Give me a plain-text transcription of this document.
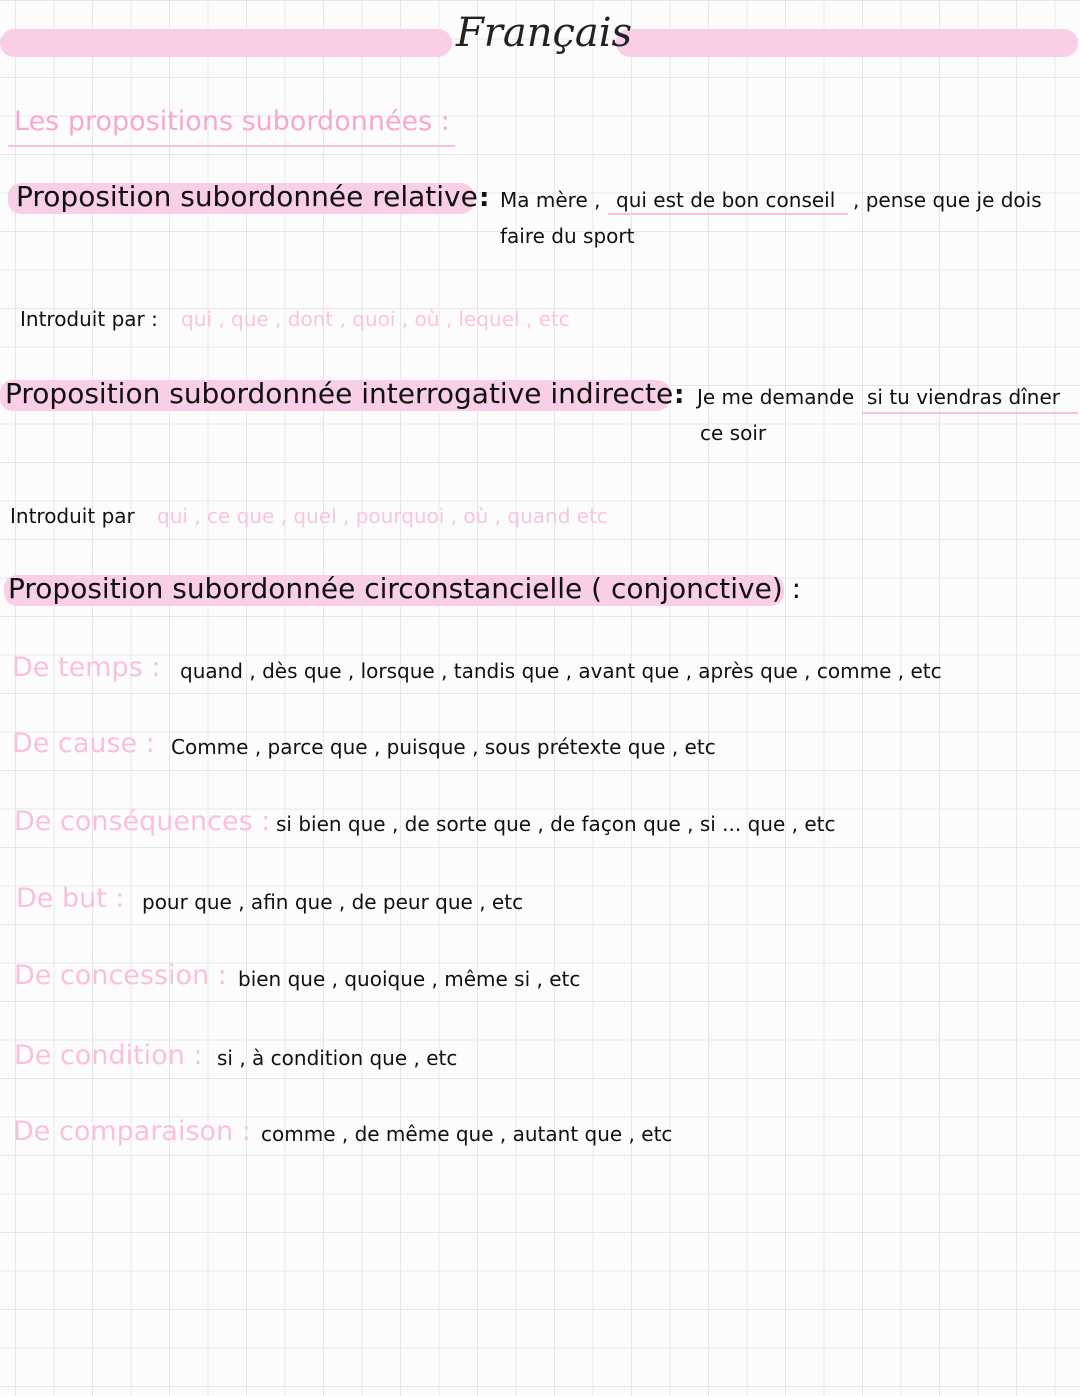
Français
Les propositions subordonnées :
Proposition subordonnée relative : Ma mère , qui est de bon conseil , pense que je dois
faire du sport
Introduit par : qui , que , dont , quoi , où , lequel , etc
Proposition subordonnée interrogative indirecte : Je me demande si tu viendras dîner
ce soir
Introduit par qui , ce que , quel , pourquoi , où , quand etc
Proposition subordonnée circonstancielle ( conjonctive) :
De temps : quand , dès que , lorsque , tandis que , avant que , après que , comme , etc
De cause : Comme , parce que , puisque , sous prétexte que , etc
De conséquences : si bien que , de sorte que , de façon que , si ... que , etc
De but : pour que , afin que , de peur que , etc
De concession : bien que , quoique , même si , etc
De condition : si , à condition que , etc
De comparaison : comme , de même que , autant que , etc
